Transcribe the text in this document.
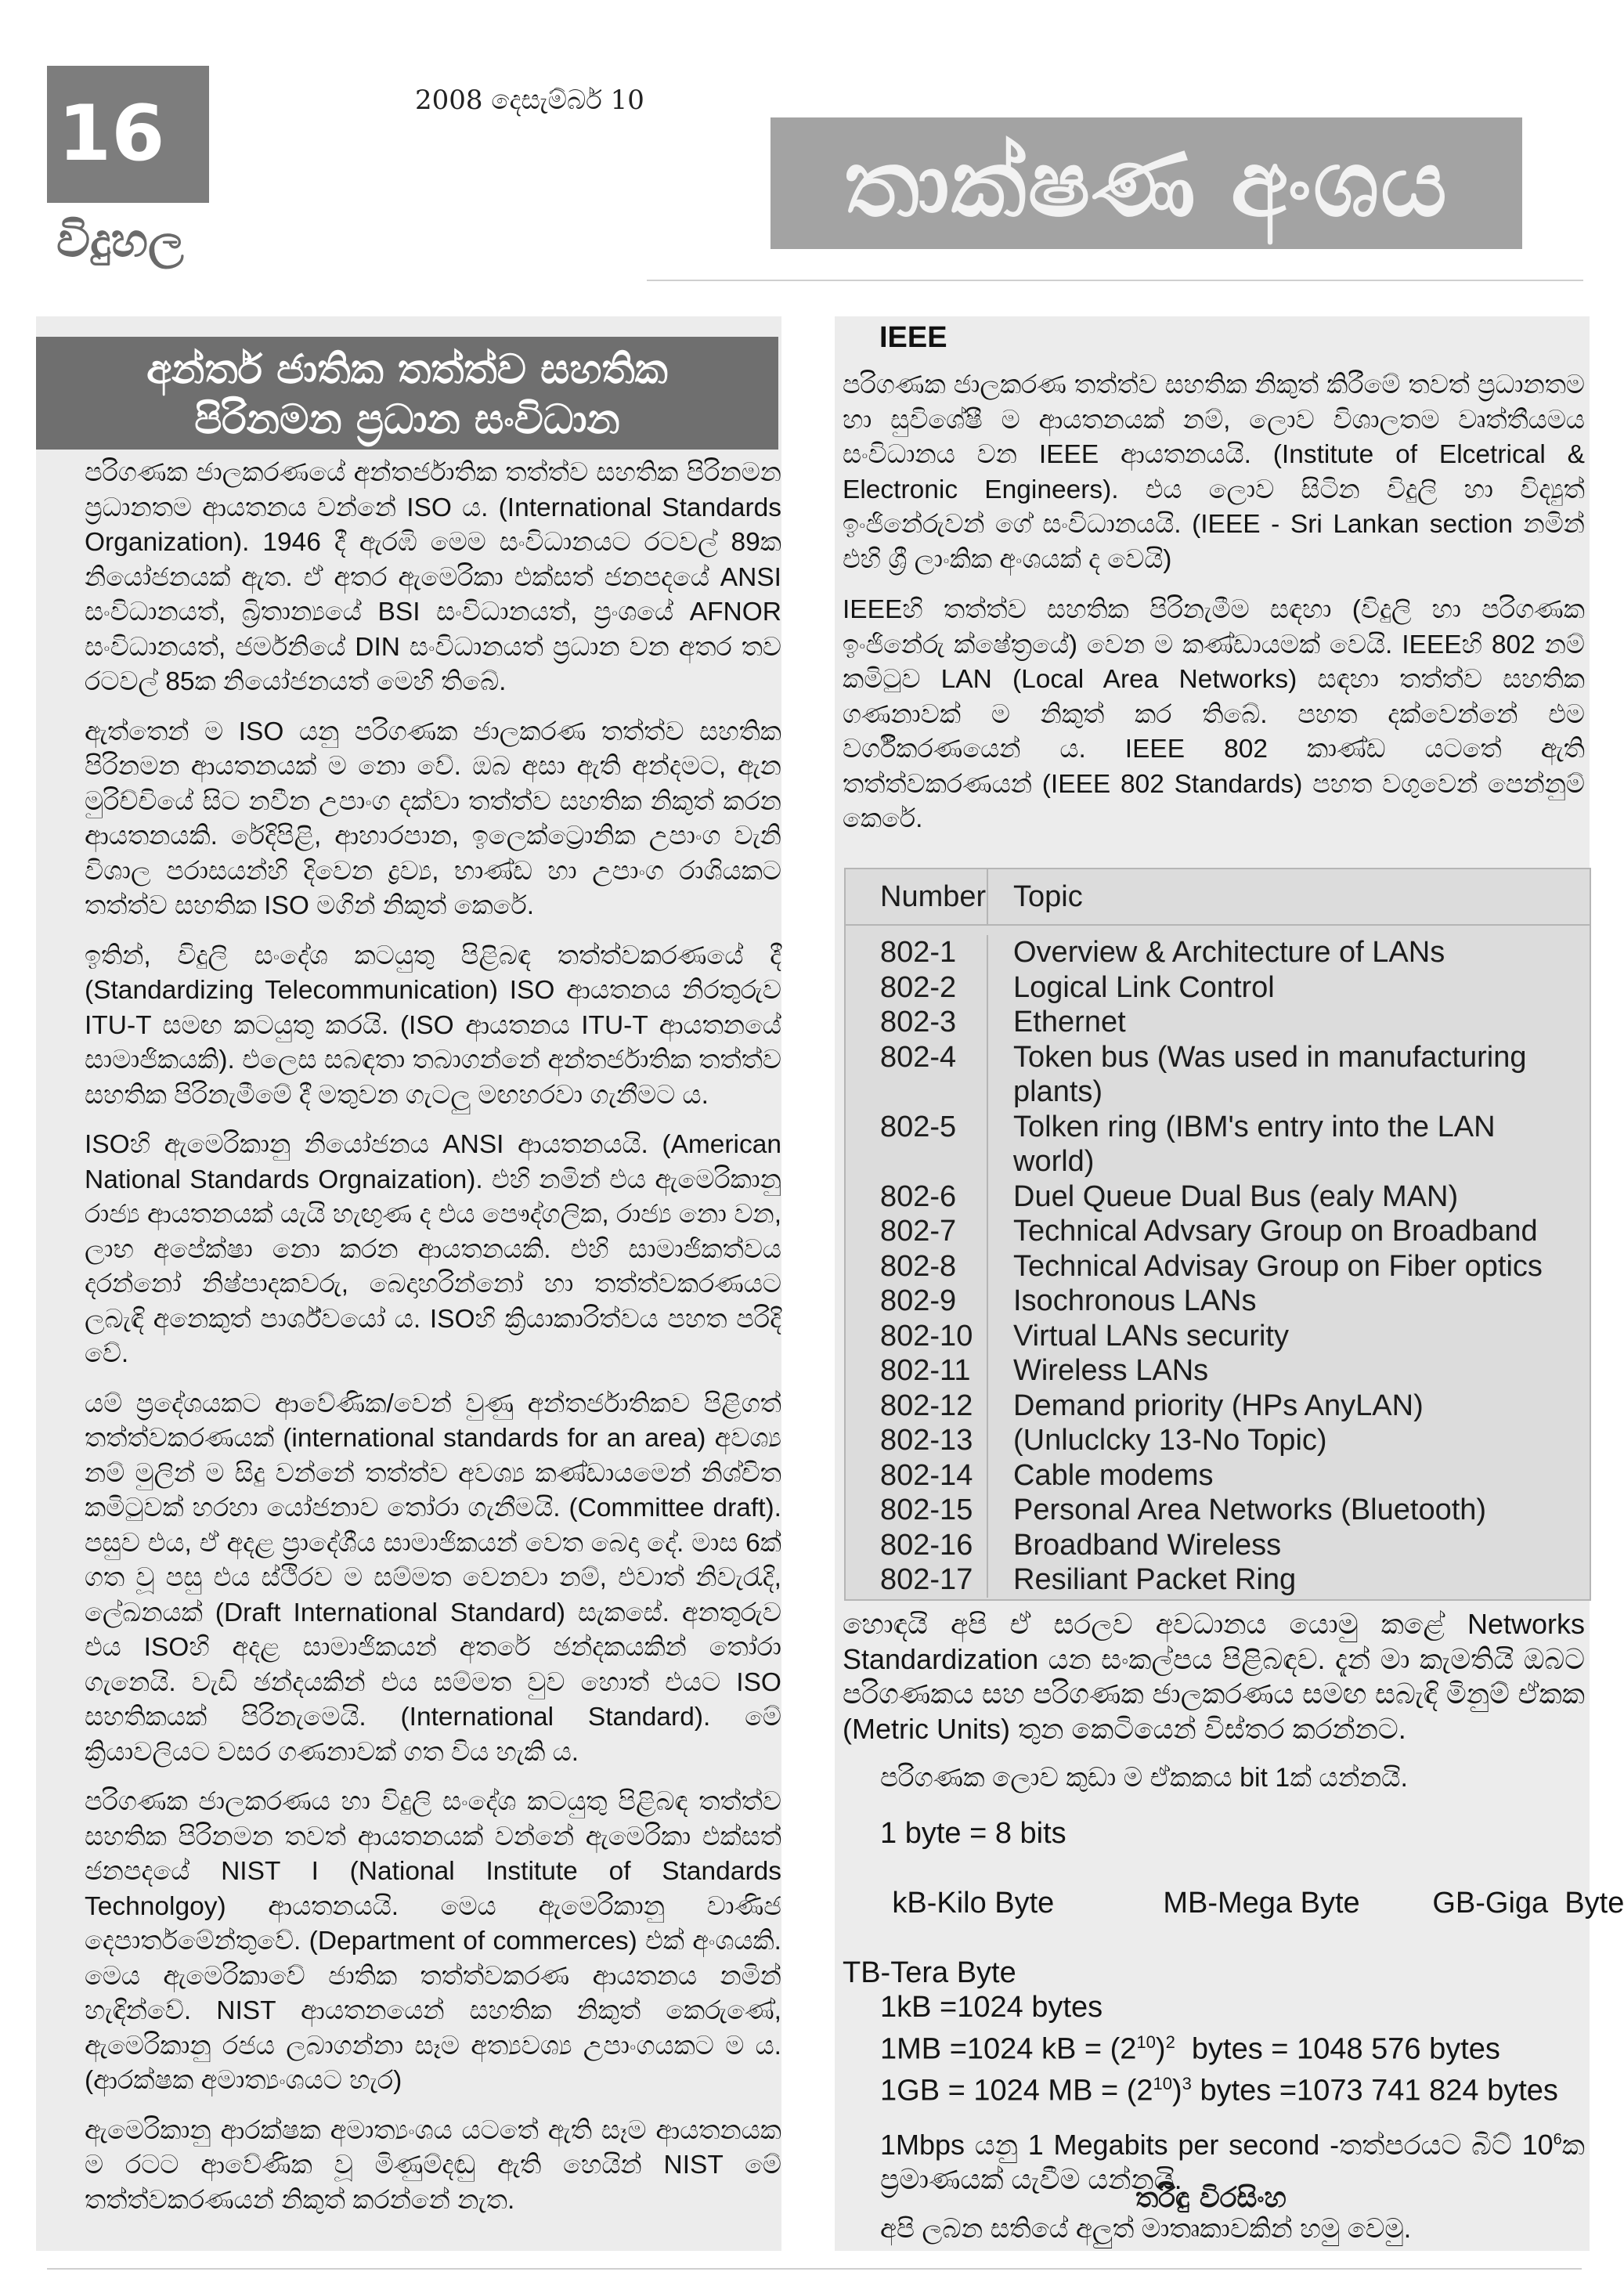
16
විදුහල
2008 දෙසැම්බර් 10
තාක්ෂණ අංශය
අන්තර් ජාතික තත්ත්ව සහතික
පිරිනමන ප්‍රධාන සංවිධාන

පරිගණක ජාලකරණයේ අන්තර්ජාතික තත්ත්ව සහතික පිරිනමන ප්‍රධානතම ආයතනය වන්නේ ISO ය. (International Standards Organization). 1946 දී ඇරඹි මෙම සංවිධානයට රටවල් 89ක නියෝජනයක් ඇත. ඒ අතර ඇමෙරිකා එක්සත් ජනපදයේ ANSI සංවිධානයත්, බ්‍රිතාන්‍යයේ BSI සංවිධානයත්, ප්‍රංශයේ AFNOR සංවිධානයත්, ජර්මනියේ DIN සංවිධානයත් ප්‍රධාන වන අතර තව රටවල් 85ක නියෝජනයත් මෙහි තිබේ.

ඇත්තෙන් ම ISO යනු පරිගණක ජාලකරණ තත්ත්ව සහතික පිරිනමන ආයතනයක් ම නො වේ. ඔබ අසා ඇති අන්දමට, ඇන මුරිච්චියේ සිට නවීන උපාංග දක්වා තත්ත්ව සහතික නිකුත් කරන ආයතනයකි. රේදිපිළි, ආහාරපාන, ඉලෙක්ට්‍රොනික උපාංග වැනි විශාල පරාසයන්හි දිවෙන ද්‍රව්‍ය, භාණ්ඩ හා උපාංග රාශියකට තත්ත්ව සහතික ISO මගින් නිකුත් කෙරේ.

ඉතින්, විදුලි සංදේශ කටයුතු පිළිබඳ තත්ත්වකරණයේ දී (Standardizing Telecommunication) ISO ආයතනය නිරතුරුව ITU-T සමඟ කටයුතු කරයි. (ISO ආයතනය ITU-T ආයතනයේ සාමාජිකයකි). එලෙස සබඳතා තබාගන්නේ අන්තර්ජාතික තත්ත්ව සහතික පිරිනැමීමේ දී මතුවන ගැටලු මඟහරවා ගැනීමට ය.

ISOහි ඇමෙරිකානු නියෝජනය ANSI ආයතනයයි. (American National Standards Orgnaization). එහි නමින් එය ඇමෙරිකානු රාජ්‍ය ආයතනයක් යැයි හැඟුණ ද එය පෞද්ගලික, රාජ්‍ය නො වන, ලාභ අපේක්ෂා නො කරන ආයතනයකි. එහි සාමාජිකත්වය දරන්නෝ නිෂ්පාදකවරු, බෙදාහරින්නෝ හා තත්ත්වකරණයට ලබැඳි අනෙකුත් පාර්ශ්වයෝ ය. ISOහි ක්‍රියාකාරිත්වය පහත පරිදි වේ.

යම් ප්‍රදේශයකට ආවේණික/වෙන් වුණු අන්තර්ජාතිකව පිළිගත් තත්ත්වකරණයක් (international standards for an area) අවශ්‍ය නම් මුලින් ම සිදු වන්නේ තත්ත්ව අවශ්‍ය කණ්ඩායමෙන් නිශ්චිත කමිටුවක් හරහා යෝජනාව තෝරා ගැනීමයි. (Committee draft). පසුව එය, ඒ අදළ ප්‍රාදේශීය සාමාජිකයන් වෙත බෙදා දේ. මාස 6ක් ගත වූ පසු එය ස්ථිරව ම සම්මත වෙනවා නම්, එවාත් නිවැරැදි, ලේඛනයක් (Draft International Standard) සැකසේ. අනතුරුව එය ISOහි අදළ සාමාජිකයන් අතරේ ඡන්දකයකින් තෝරා ගැනෙයි. වැඩි ඡන්දයකින් එය සම්මත වුව හොත් එයට ISO සහතිකයක් පිරිනැමෙයි. (International Standard). මේ ක්‍රියාවලියට වසර ගණනාවක් ගත විය හැකි ය.

පරිගණක ජාලකරණය හා විදුලි සංදේශ කටයුතු පිළිබඳ තත්ත්ව සහතික පිරිනමන තවත් ආයතනයක් වන්නේ ඇමෙරිකා එක්සත් ජනපදයේ NIST I (National Institute of Standards Technolgoy) ආයතනයයි. මෙය ඇමෙරිකානු වාණිජ දෙපාර්තමේන්තුවේ. (Department of commerces) එක් අංශයකි. මෙය ඇමෙරිකාවේ ජාතික තත්ත්වකරණ ආයතනය නමින් හැඳින්වේ. NIST ආයතනයෙන් සහතික නිකුත් කෙරුණේ, ඇමෙරිකානු රජය ලබාගන්නා සෑම අත්‍යවශ්‍ය උපාංගයකට ම ය. (ආරක්ෂක අමාත්‍යංශයට හැර)

ඇමෙරිකානු ආරක්ෂක අමාත්‍යංශය යටතේ ඇති සෑම ආයතනයක ම රටට ආවේණික වූ මිණුම්දඬු ඇති හෙයින් NIST මේ තත්ත්වකරණයන් නිකුත් කරන්නේ නැත.

IEEE

පරිගණක ජාලකරණ තත්ත්ව සහතික නිකුත් කිරීමේ තවත් ප්‍රධානතම හා සුවිශේෂී ම ආයතනයක් නම්, ලොව විශාලතම වෘත්තීයමය සංවිධානය වන IEEE ආයතනයයි. (Institute of Elcetrical & Electronic Engineers). එය ලොව සිටින විදුලි හා විද්‍යුත් ඉංජිනේරුවන් ගේ සංවිධානයයි. (IEEE - Sri Lankan section නමින් එහි ශ්‍රී ලාංකික අංශයක් ද වෙයි)

IEEEහි තත්ත්ව සහතික පිරිනැමීම සඳහා (විදුලි හා පරිගණක ඉංජිනේරු ක්ෂේත්‍රයේ) වෙන ම කණ්ඩායමක් වෙයි. IEEEහි 802 නම් කමිටුව LAN (Local Area Networks) සඳහා තත්ත්ව සහතික ගණනාවක් ම නිකුත් කර තිබේ. පහත දක්වෙන්නේ එම වර්ගීකරණයෙන් ය. IEEE 802 කාණ්ඩ යටතේ ඇති තත්ත්වකරණයන් (IEEE 802 Standards) පහත වගුවෙන් පෙන්නුම් කෙරේ.

Number Topic
802-1	Overview & Architecture of LANs
802-2	Logical Link Control
802-3	Ethernet
802-4	Token bus (Was used in manufacturing plants)
802-5	Tolken ring (IBM's entry into the LAN world)
802-6	Duel Queue Dual Bus (ealy MAN)
802-7	Technical Advsary Group on Broadband
802-8	Technical Advisay Group on Fiber optics
802-9	Isochronous LANs
802-10	Virtual LANs security
802-11	Wireless LANs
802-12	Demand priority (HPs AnyLAN)
802-13	(Unluclcky 13-No Topic)
802-14	Cable modems
802-15	Personal Area Networks (Bluetooth)
802-16	Broadband Wireless
802-17	Resiliant Packet Ring

හොඳයි අපි ඒ සරලව අවධානය යොමු කළේ Networks Standardization යන සංකල්පය පිළිබඳව. දැන් මා කැමතියි ඔබට පරිගණකය සහ පරිගණක ජාලකරණය සමඟ සබැඳි මිනුම් ඒකක (Metric Units) තුන කෙටියෙන් විස්තර කරන්නට.

පරිගණක ලොව කුඩා ම ඒකකය bit 1ක් යන්නයි.

1 byte = 8 bits

kB-Kilo Byte	MB-Mega Byte GB-Giga  Byte

TB-Tera Byte
1kB =1024 bytes
1MB =1024 kB = $(2^{10})^2$  bytes = 1048 576 bytes
1GB = 1024 MB = $(2^{10})^3$ bytes =1073 741 824 bytes

1Mbps යනු 1 Megabits per second -තත්පරයට බිට් $10^6ක$ ප්‍රමාණයක් යැවීම යන්නයි.

අපි ලබන සතියේ අලුත් මාතෘකාවකින් හමු වෙමු.

තරිඳු විරසිංහ
